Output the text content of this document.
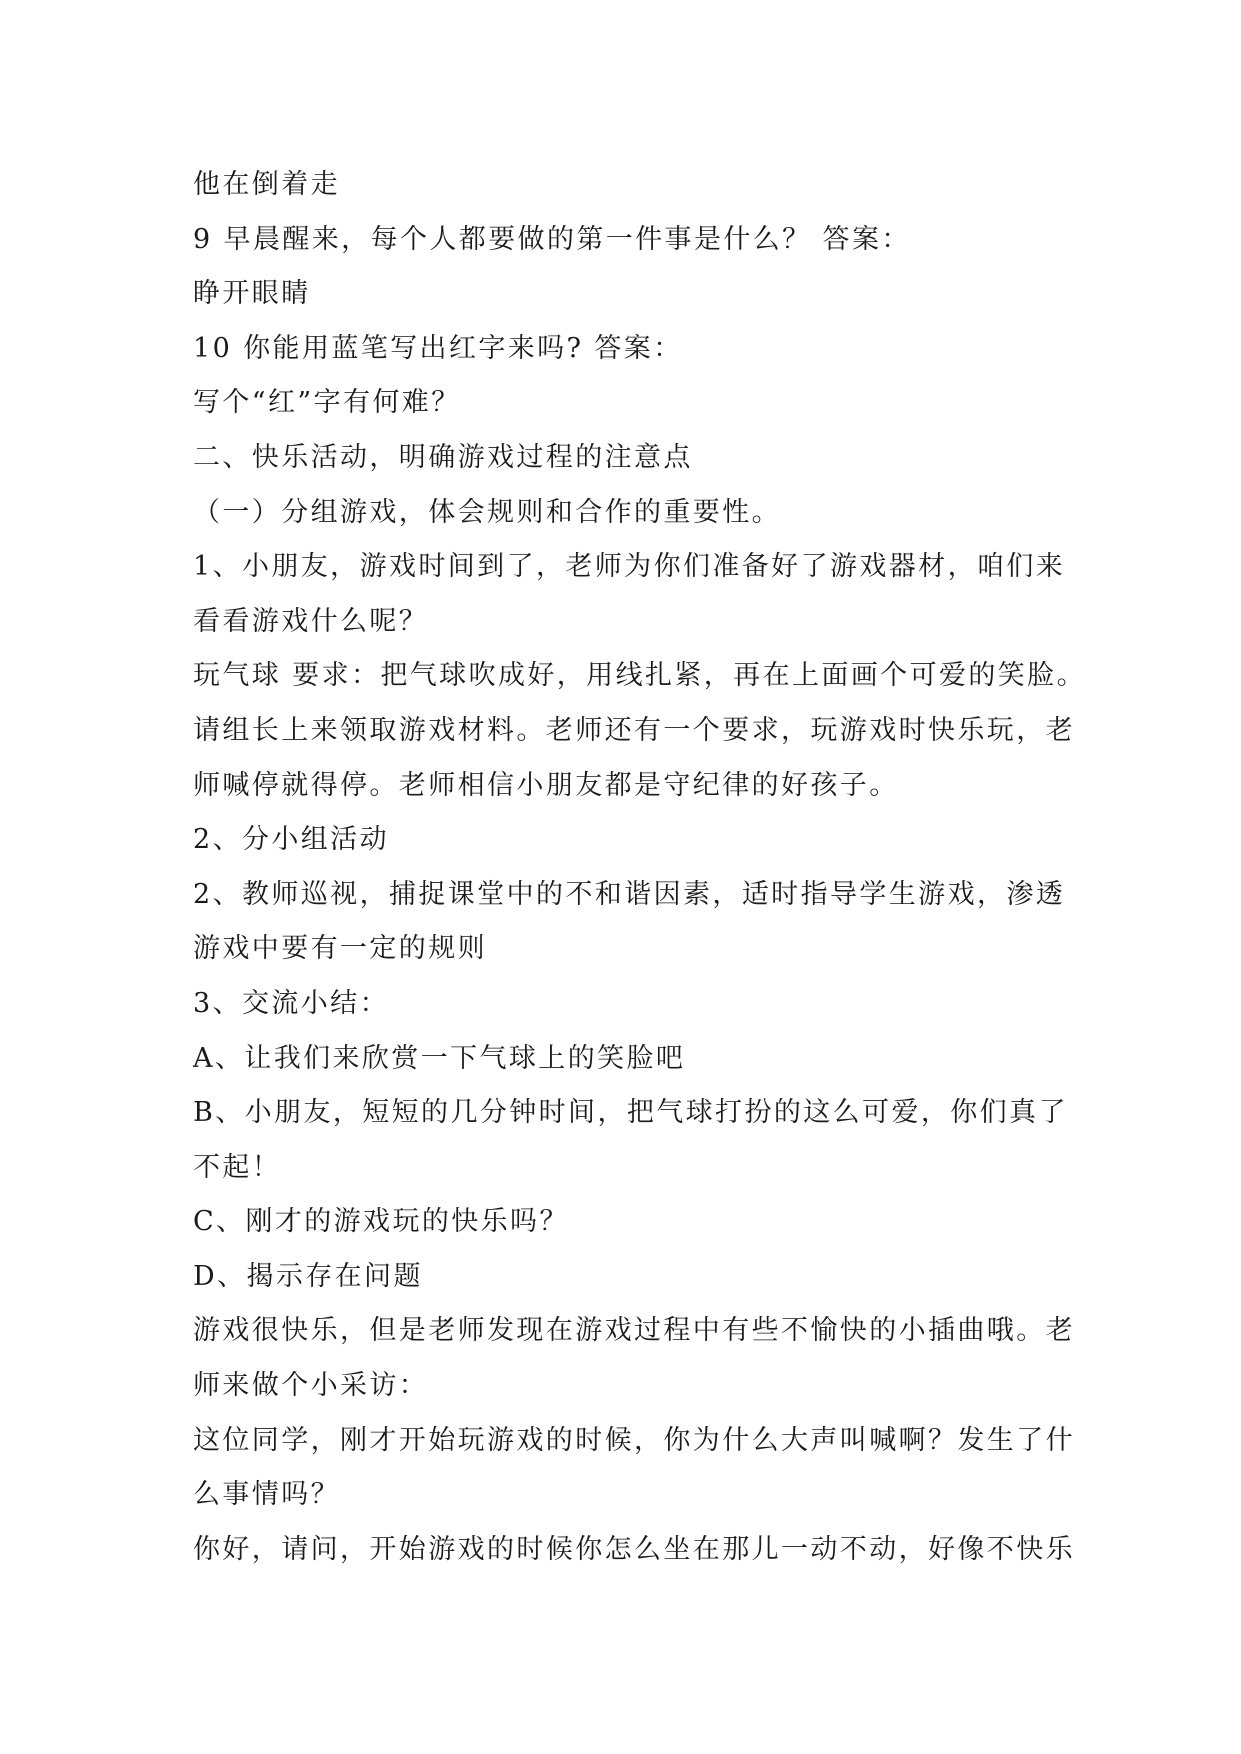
他在倒着走
9 早晨醒来，每个人都要做的第一件事是什么？ 答案：
睁开眼睛
10 你能用蓝笔写出红字来吗? 答案：
写个“红”字有何难？
二、快乐活动，明确游戏过程的注意点
（一）分组游戏，体会规则和合作的重要性。
1、小朋友，游戏时间到了，老师为你们准备好了游戏器材，咱们来
看看游戏什么呢？
玩气球 要求：把气球吹成好，用线扎紧，再在上面画个可爱的笑脸。
请组长上来领取游戏材料。老师还有一个要求，玩游戏时快乐玩，老
师喊停就得停。老师相信小朋友都是守纪律的好孩子。
2、分小组活动
2、教师巡视，捕捉课堂中的不和谐因素，适时指导学生游戏，渗透
游戏中要有一定的规则
3、交流小结：
A、让我们来欣赏一下气球上的笑脸吧
B、小朋友，短短的几分钟时间，把气球打扮的这么可爱，你们真了
不起！
C、刚才的游戏玩的快乐吗？
D、揭示存在问题
游戏很快乐，但是老师发现在游戏过程中有些不愉快的小插曲哦。老
师来做个小采访：
这位同学，刚才开始玩游戏的时候，你为什么大声叫喊啊？发生了什
么事情吗？
你好，请问，开始游戏的时候你怎么坐在那儿一动不动，好像不快乐
